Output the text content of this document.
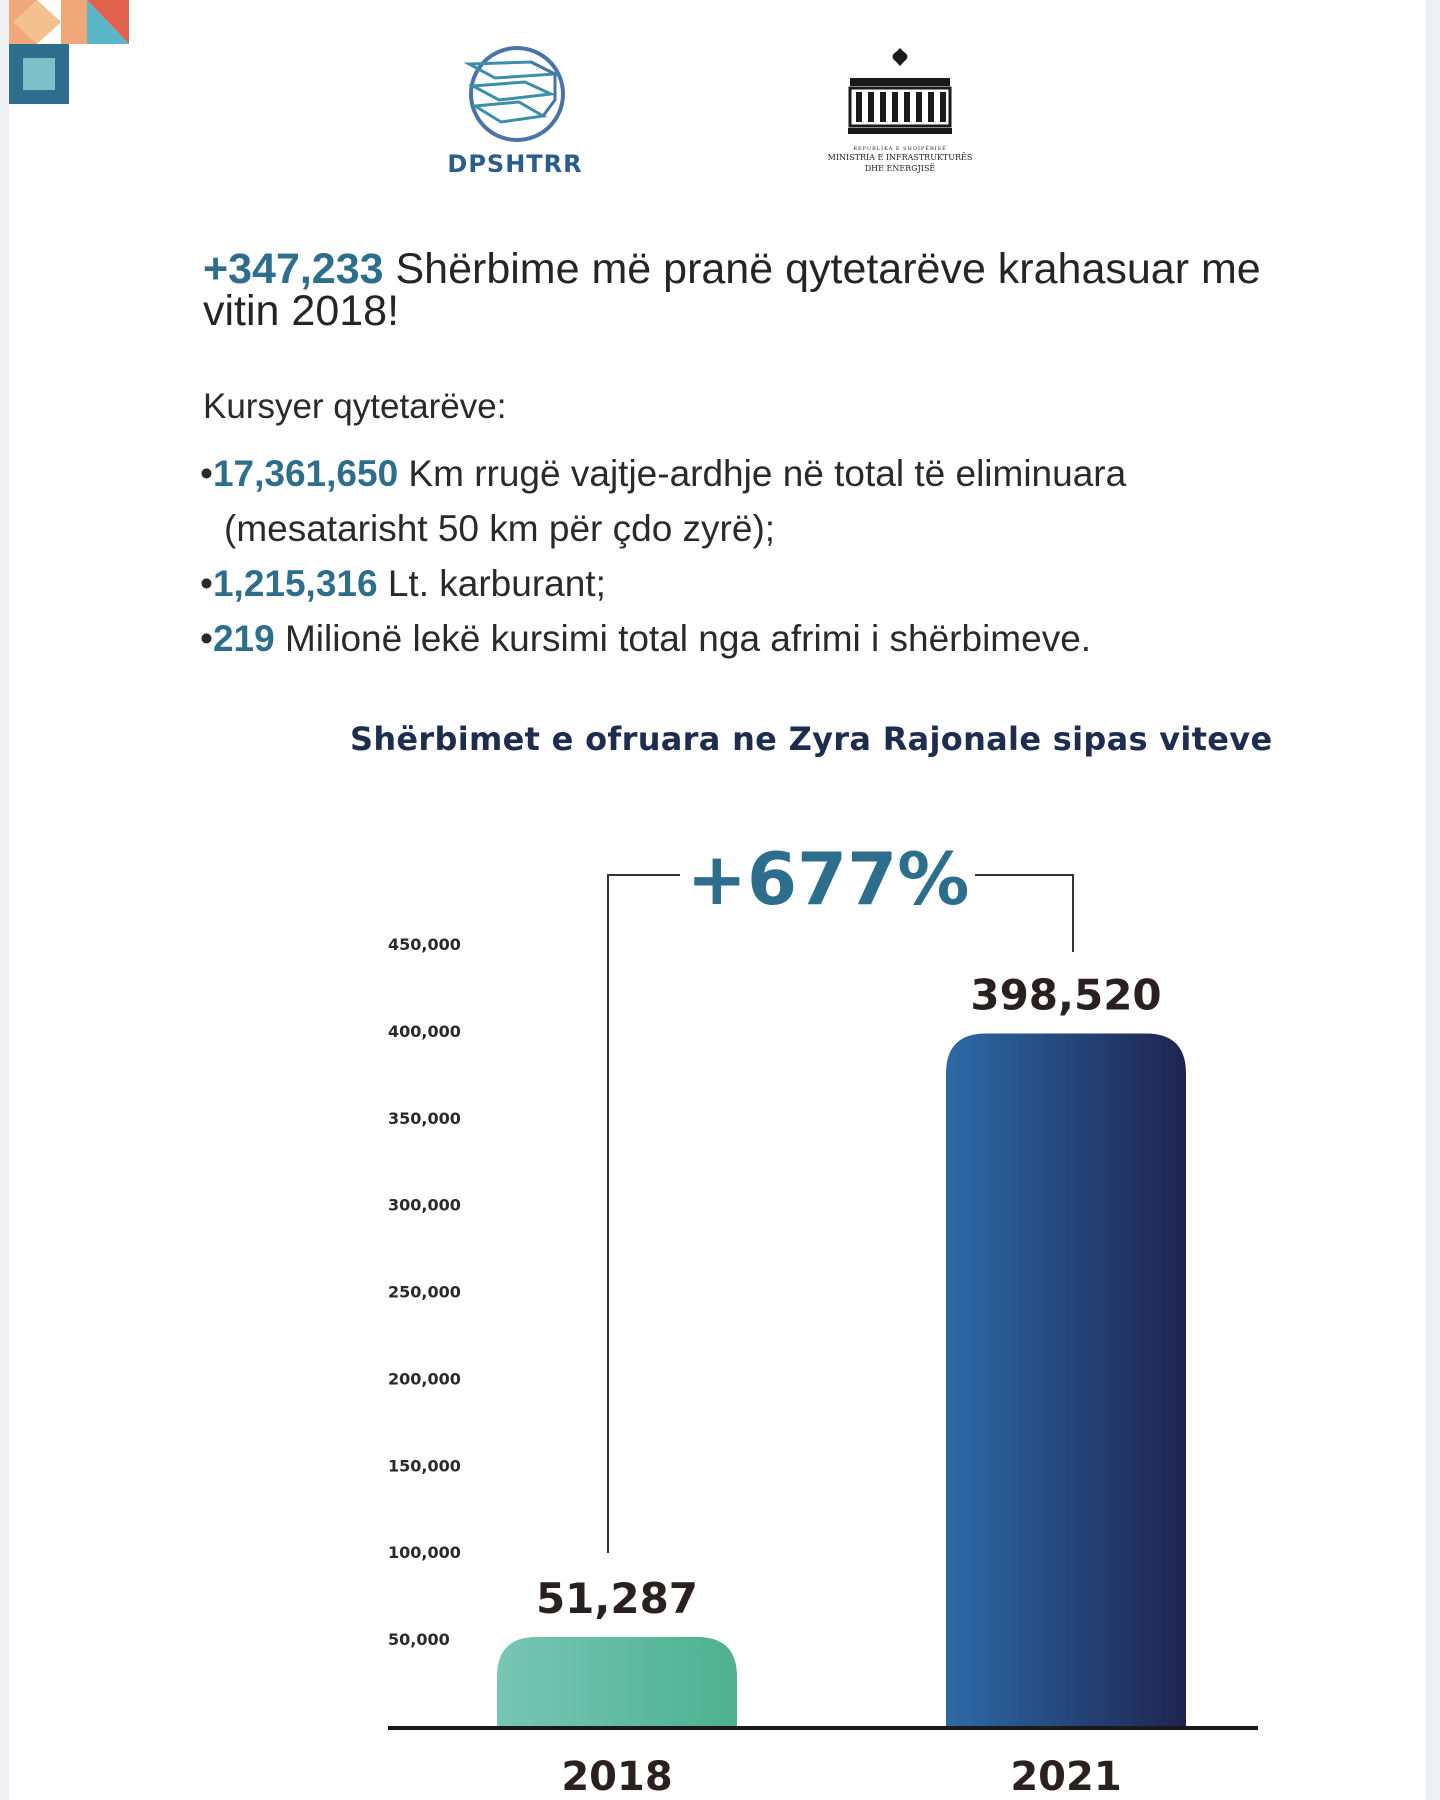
DPSHTRR
REPUBLIKA E SHQIPËRISË
MINISTRIA E INFRASTRUKTURËS
DHE ENERGJISË
+347,233 Shërbime më pranë qytetarëve krahasuar me vitin 2018!
Kursyer qytetarëve:
•17,361,650 Km rrugë vajtje-ardhje në total të eliminuara
(mesatarisht 50 km për çdo zyrë);
•1,215,316 Lt. karburant;
•219 Milionë lekë kursimi total nga afrimi i shërbimeve.
Shërbimet e ofruara ne Zyra Rajonale sipas viteve
50,000
100,000
150,000
200,000
250,000
300,000
350,000
400,000
450,000
51,287
398,520
2018	2021
+677%
